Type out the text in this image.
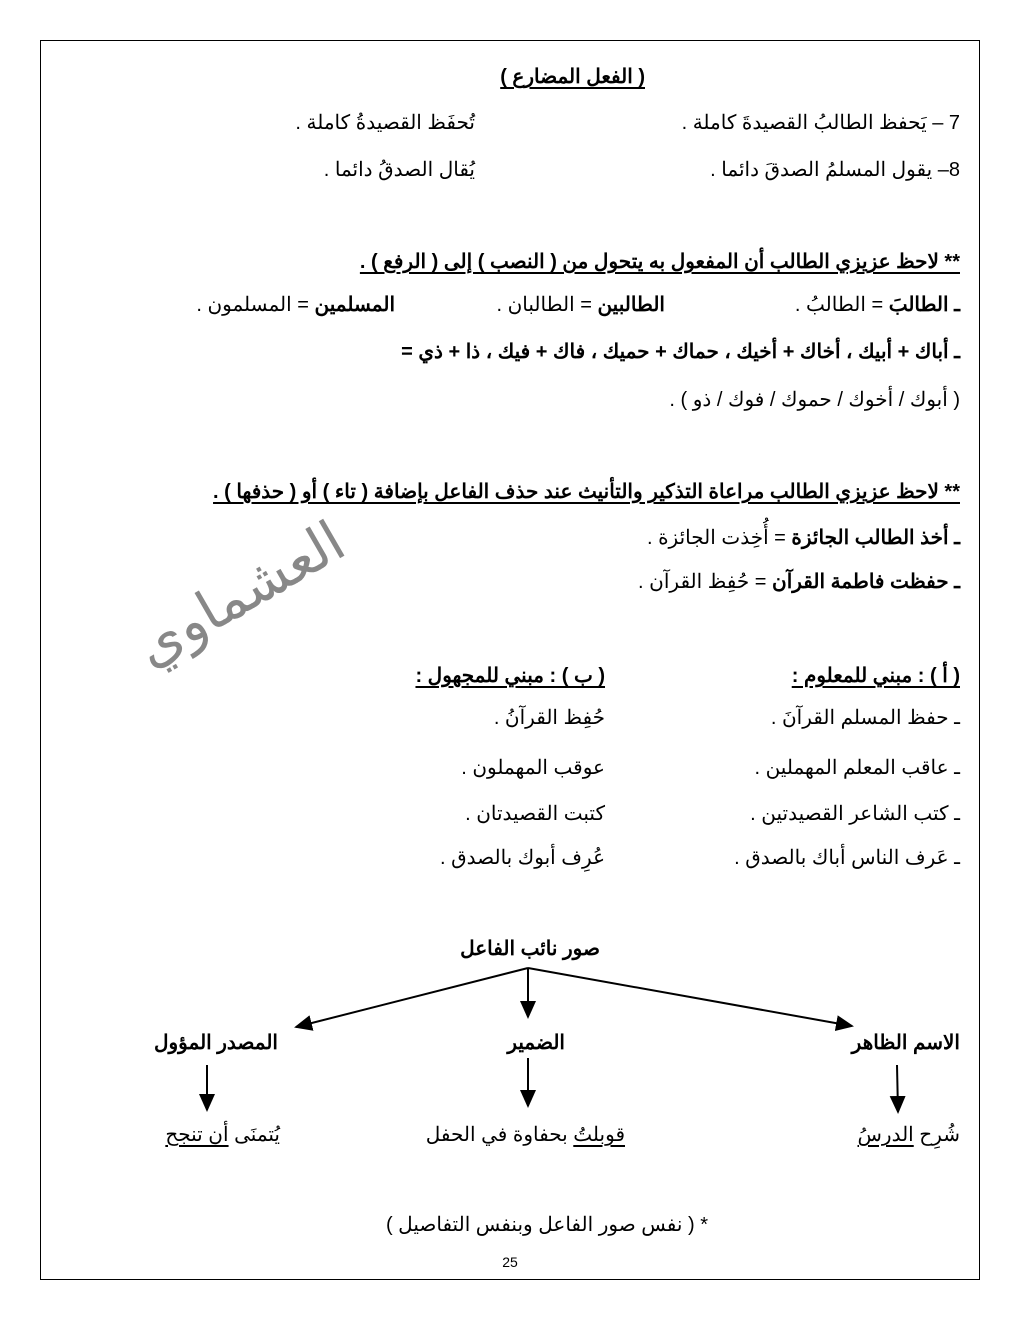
العشماوي
( الفعل المضارع )
7 – يَحفظ الطالبُ القصيدةَ كاملة .
تُحفَظ القصيدةُ كاملة .
8– يقول المسلمُ الصدقَ دائما .
يُقال الصدقُ دائما .
** لاحظ عزيزي الطالب أن المفعول به يتحول من ( النصب ) إلى ( الرفع ) .
ـ الطالبَ = الطالبُ .
الطالبين = الطالبان .
المسلمين = المسلمون .
ـ أباك + أبيك ، أخاك + أخيك ، حماك + حميك ، فاك + فيك ، ذا + ذي =
( أبوك / أخوك / حموك / فوك / ذو ) .
** لاحظ عزيزي الطالب مراعاة التذكير والتأنيث عند حذف الفاعل بإضافة ( تاء ) أو ( حذفها ) .
ـ أخذ الطالب الجائزة = أُخِذت الجائزة .
ـ حفظت فاطمة القرآن = حُفِظ القرآن .
( أ ) : مبني للمعلوم :
( ب ) : مبني للمجهول :
ـ حفظ المسلم القرآنَ .
ـ عاقب المعلم المهملين .
ـ كتب الشاعر القصيدتين .
ـ عَرف الناس أباك بالصدق .
حُفِظ القرآنُ .
عوقب المهملون .
كتبت القصيدتان .
عُرِف أبوك بالصدق .
صور نائب الفاعل
الاسم الظاهر
الضمير
المصدر المؤول
شُرِح الدرسُ
قوبلتُ بحفاوة في الحفل
يُتمنَى أن تنجح
* ( نفس صور الفاعل وبنفس التفاصيل )
25
